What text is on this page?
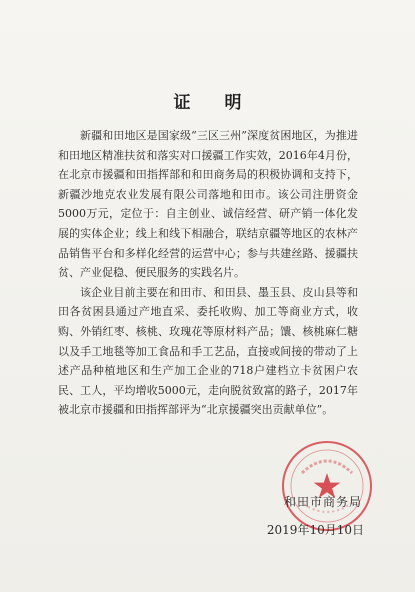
证 明

新疆和田地区是国家级“三区三州”深度贫困地区，为推进和田地区精准扶贫和落实对口援疆工作实效，2016年4月份，在北京市援疆和田指挥部和和田商务局的积极协调和支持下，新疆沙地克农业发展有限公司落地和田市。该公司注册资金5000万元，定位于：自主创业、诚信经营、研产销一体化发展的实体企业；线上和线下相融合，联结京疆等地区的农林产品销售平台和多样化经营的运营中心；参与共建丝路、援疆扶贫、产业促稳、便民服务的实践名片。

该企业目前主要在和田市、和田县、墨玉县、皮山县等和田各贫困县通过产地直采、委托收购、加工等商业方式，收购、外销红枣、核桃、玫瑰花等原材料产品；馕、核桃麻仁糖以及手工地毯等加工食品和手工艺品，直接或间接的带动了上述产品种植地区和生产加工企业的718户建档立卡贫困户农民、工人，平均增收5000元，走向脱贫致富的路子，2017年被北京市援疆和田指挥部评为“北京援疆突出贡献单位”。

和田市商务局
2019年10月10日
